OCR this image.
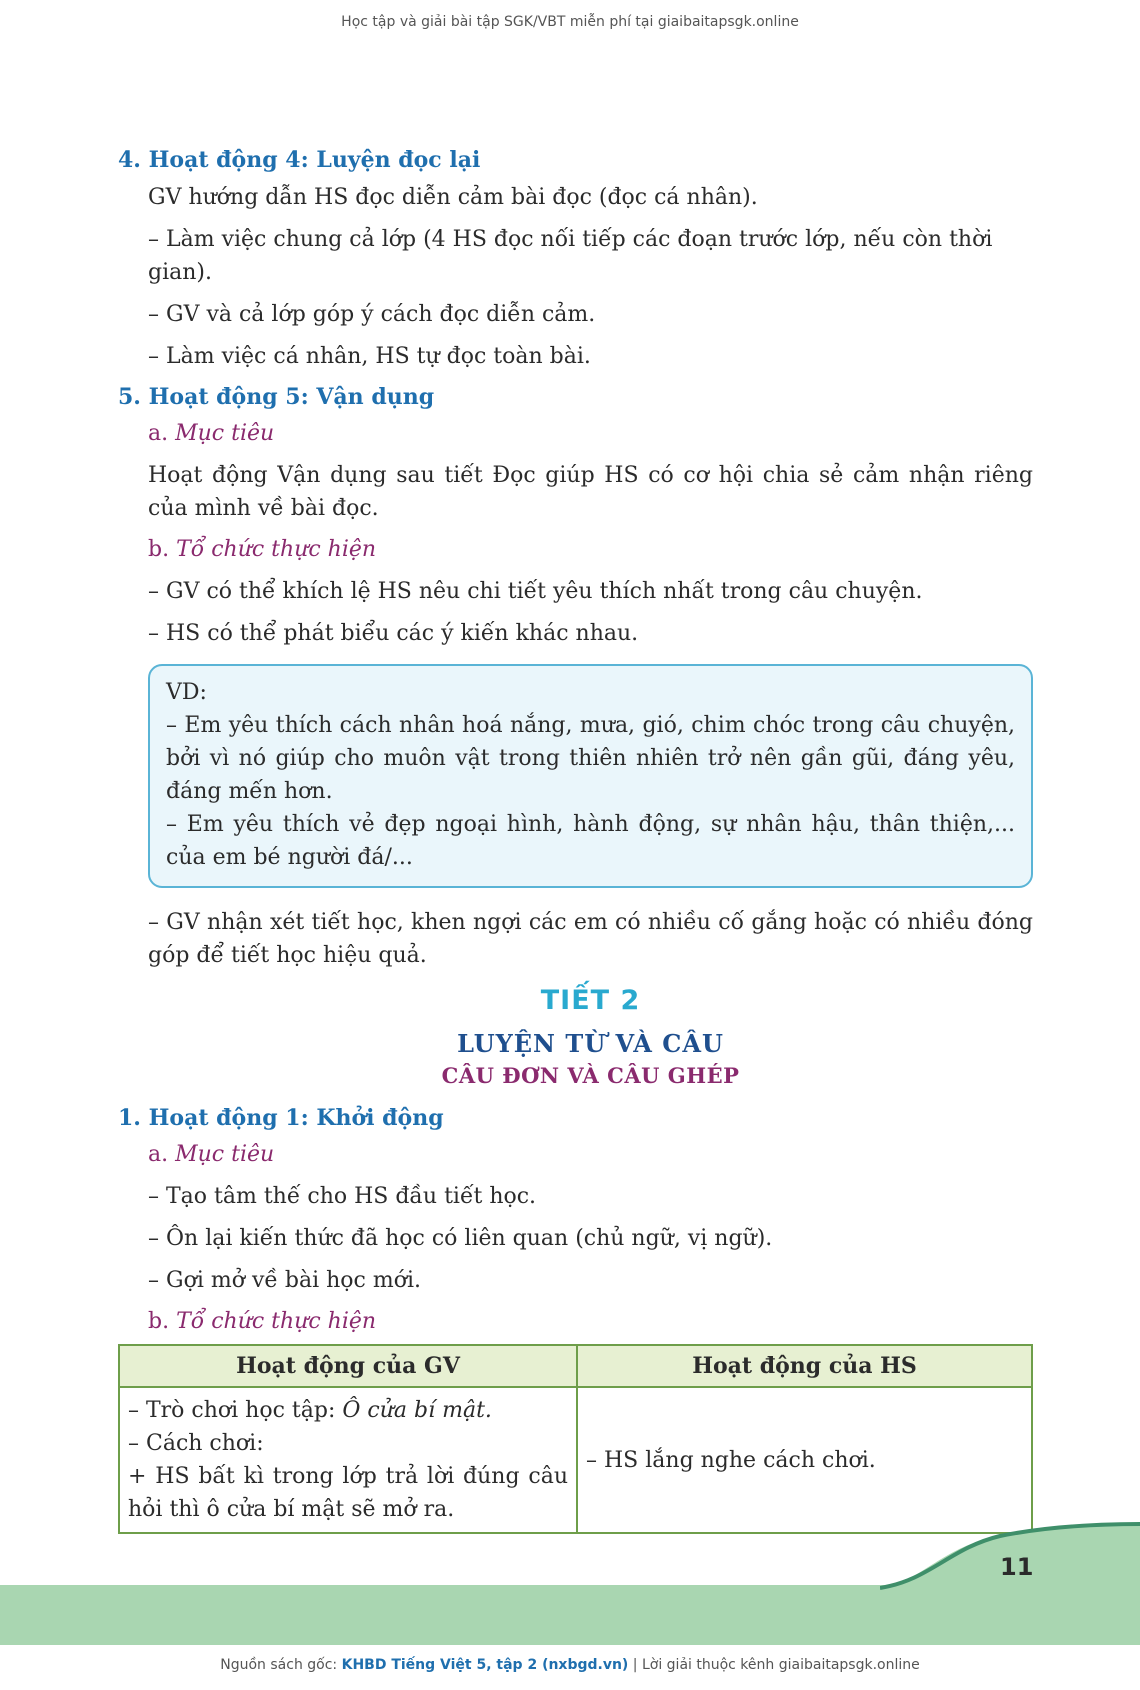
Học tập và giải bài tập SGK/VBT miễn phí tại giaibaitapsgk.online
4. Hoạt động 4: Luyện đọc lại
GV hướng dẫn HS đọc diễn cảm bài đọc (đọc cá nhân).
– Làm việc chung cả lớp (4 HS đọc nối tiếp các đoạn trước lớp, nếu còn thời gian).
– GV và cả lớp góp ý cách đọc diễn cảm.
– Làm việc cá nhân, HS tự đọc toàn bài.
5. Hoạt động 5: Vận dụng
a. Mục tiêu
Hoạt động Vận dụng sau tiết Đọc giúp HS có cơ hội chia sẻ cảm nhận riêng của mình về bài đọc.
b. Tổ chức thực hiện
– GV có thể khích lệ HS nêu chi tiết yêu thích nhất trong câu chuyện.
– HS có thể phát biểu các ý kiến khác nhau.
VD:
– Em yêu thích cách nhân hoá nắng, mưa, gió, chim chóc trong câu chuyện, bởi vì nó giúp cho muôn vật trong thiên nhiên trở nên gần gũi, đáng yêu, đáng mến hơn.
– Em yêu thích vẻ đẹp ngoại hình, hành động, sự nhân hậu, thân thiện,... của em bé người đá/...
– GV nhận xét tiết học, khen ngợi các em có nhiều cố gắng hoặc có nhiều đóng góp để tiết học hiệu quả.
TIẾT 2
LUYỆN TỪ VÀ CÂU
CÂU ĐƠN VÀ CÂU GHÉP
1. Hoạt động 1: Khởi động
a. Mục tiêu
– Tạo tâm thế cho HS đầu tiết học.
– Ôn lại kiến thức đã học có liên quan (chủ ngữ, vị ngữ).
– Gợi mở về bài học mới.
b. Tổ chức thực hiện
Hoạt động của GV	Hoạt động của HS

– Trò chơi học tập: Ô cửa bí mật.
– Cách chơi:
+ HS bất kì trong lớp trả lời đúng câu hỏi thì ô cửa bí mật sẽ mở ra.	– HS lắng nghe cách chơi.
11
Nguồn sách gốc: KHBD Tiếng Việt 5, tập 2 (nxbgd.vn) | Lời giải thuộc kênh giaibaitapsgk.online
